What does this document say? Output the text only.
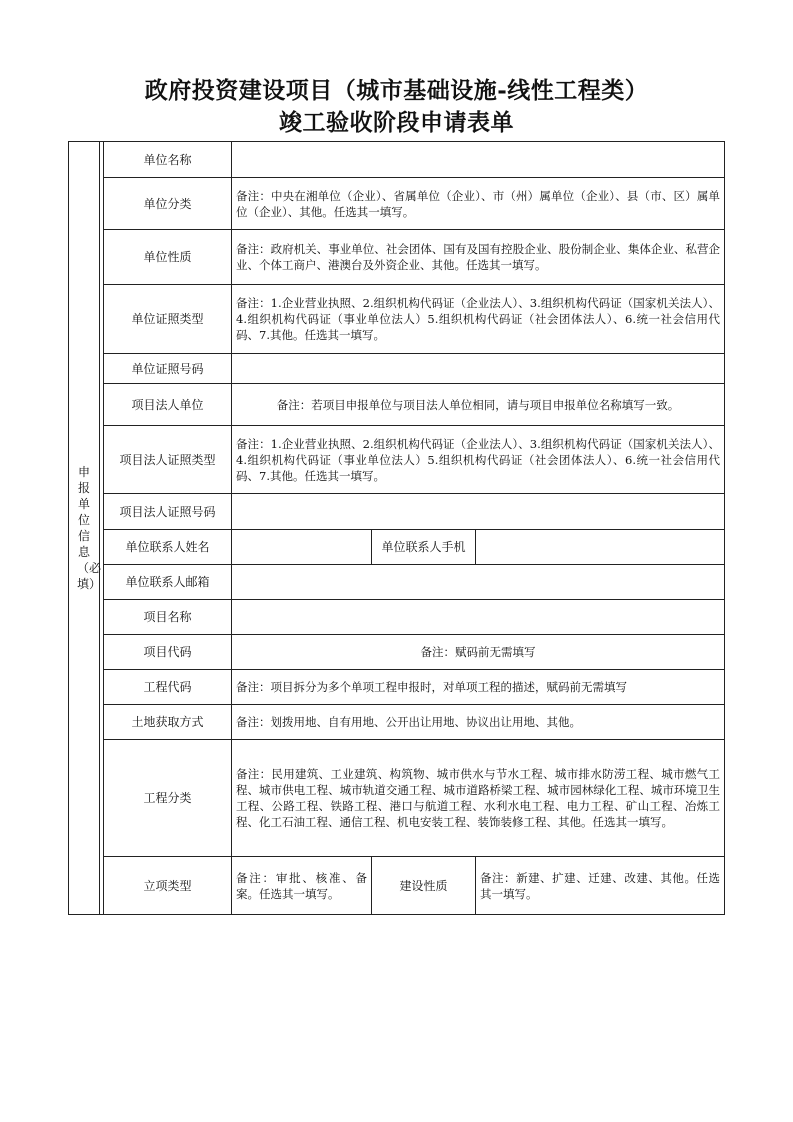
政府投资建设项目（城市基础设施-线性工程类）
竣工验收阶段申请表单
申报单位信息（必填）		单位名称			
		单位分类	备注：中央在湘单位（企业）、省属单位（企业）、市（州）属单位（企业）、县（市、区）属单位（企业）、其他。任选其一填写。		
		单位性质	备注：政府机关、事业单位、社会团体、国有及国有控股企业、股份制企业、集体企业、私营企业、个体工商户、港澳台及外资企业、其他。任选其一填写。		
		单位证照类型	备注：1.企业营业执照、2.组织机构代码证（企业法人）、3.组织机构代码证（国家机关法人）、4.组织机构代码证（事业单位法人）5.组织机构代码证（社会团体法人）、6.统一社会信用代码、7.其他。任选其一填写。		
		单位证照号码			
		项目法人单位	备注：若项目申报单位与项目法人单位相同，请与项目申报单位名称填写一致。		
		项目法人证照类型	备注：1.企业营业执照、2.组织机构代码证（企业法人）、3.组织机构代码证（国家机关法人）、4.组织机构代码证（事业单位法人）5.组织机构代码证（社会团体法人）、6.统一社会信用代码、7.其他。任选其一填写。		
		项目法人证照号码			
		单位联系人姓名		单位联系人手机	
		单位联系人邮箱			
		项目名称			
		项目代码	备注：赋码前无需填写		
		工程代码	备注：项目拆分为多个单项工程申报时，对单项工程的描述，赋码前无需填写		
		土地获取方式	备注：划拨用地、自有用地、公开出让用地、协议出让用地、其他。		
		工程分类	备注：民用建筑、工业建筑、构筑物、城市供水与节水工程、城市排水防涝工程、城市燃气工程、城市供电工程、城市轨道交通工程、城市道路桥梁工程、城市园林绿化工程、城市环境卫生工程、公路工程、铁路工程、港口与航道工程、水利水电工程、电力工程、矿山工程、冶炼工程、化工石油工程、通信工程、机电安装工程、装饰装修工程、其他。任选其一填写。		
		立项类型	备注：审批、核准、备案。任选其一填写。	建设性质	备注：新建、扩建、迁建、改建、其他。任选其一填写。
